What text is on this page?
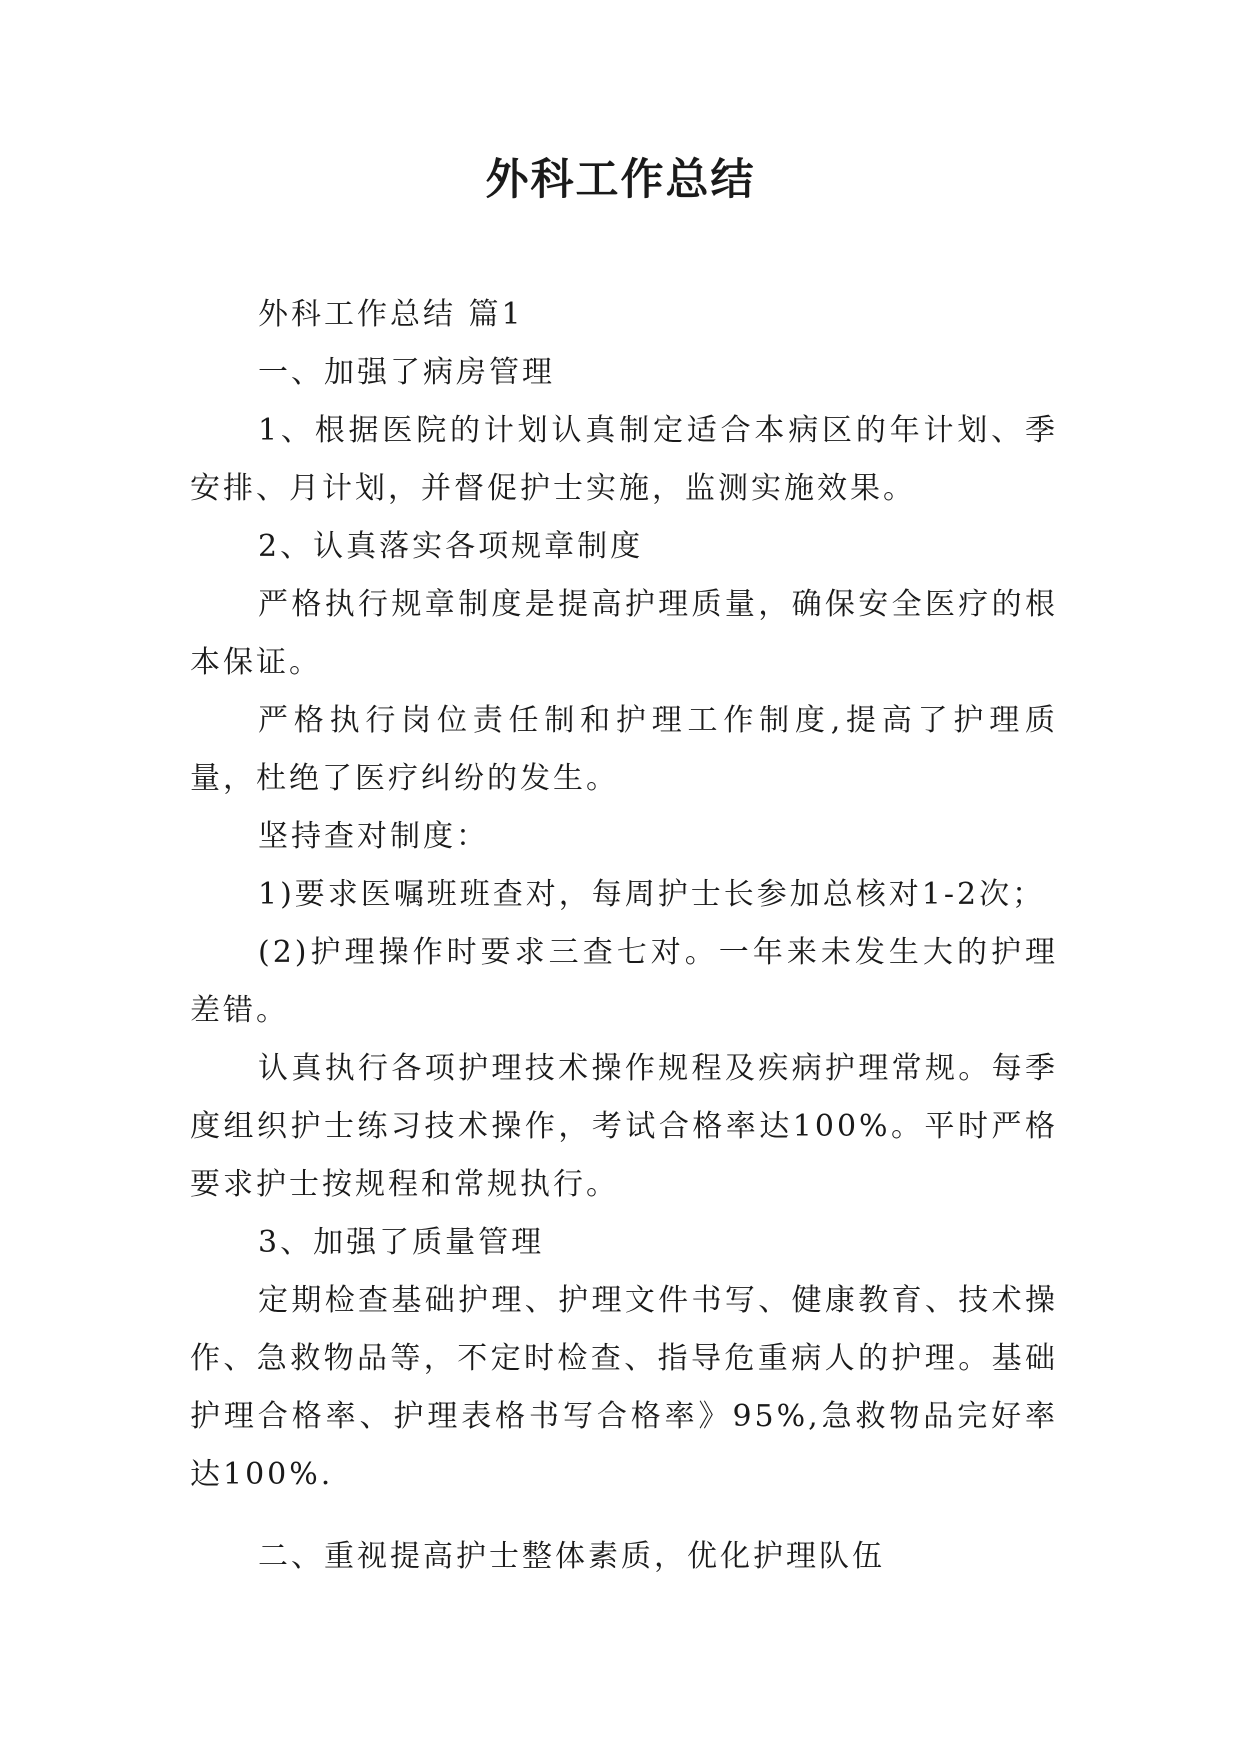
外科工作总结

外科工作总结 篇1

一、加强了病房管理

1、根据医院的计划认真制定适合本病区的年计划、季安排、月计划，并督促护士实施，监测实施效果。

2、认真落实各项规章制度

严格执行规章制度是提高护理质量，确保安全医疗的根本保证。

严格执行岗位责任制和护理工作制度,提高了护理质量，杜绝了医疗纠纷的发生。

坚持查对制度：

1)要求医嘱班班查对，每周护士长参加总核对1-2次；

(2)护理操作时要求三查七对。一年来未发生大的护理差错。

认真执行各项护理技术操作规程及疾病护理常规。每季度组织护士练习技术操作，考试合格率达100%。平时严格要求护士按规程和常规执行。

3、加强了质量管理

定期检查基础护理、护理文件书写、健康教育、技术操作、急救物品等，不定时检查、指导危重病人的护理。基础护理合格率、护理表格书写合格率》95%,急救物品完好率达100%.

二、重视提高护士整体素质，优化护理队伍
